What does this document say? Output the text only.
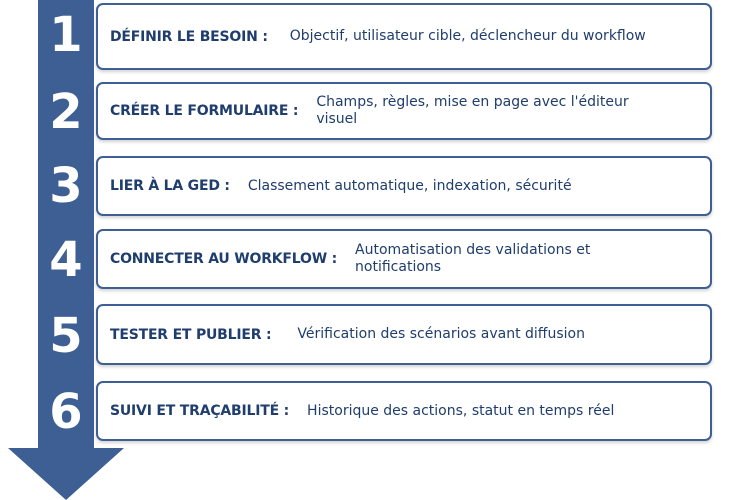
1	DÉFINIR LE BESOIN : Objectif, utilisateur cible, déclencheur du workflow
2	CRÉER LE FORMULAIRE :
Champs, règles, mise en page avec l'éditeur visuel
3	LIER À LA GED : Classement automatique, indexation, sécurité
4	CONNECTER AU WORKFLOW :
Automatisation des validations et notifications
5	TESTER ET PUBLIER : Vérification des scénarios avant diffusion
6	SUIVI ET TRAÇABILITÉ : Historique des actions, statut en temps réel
